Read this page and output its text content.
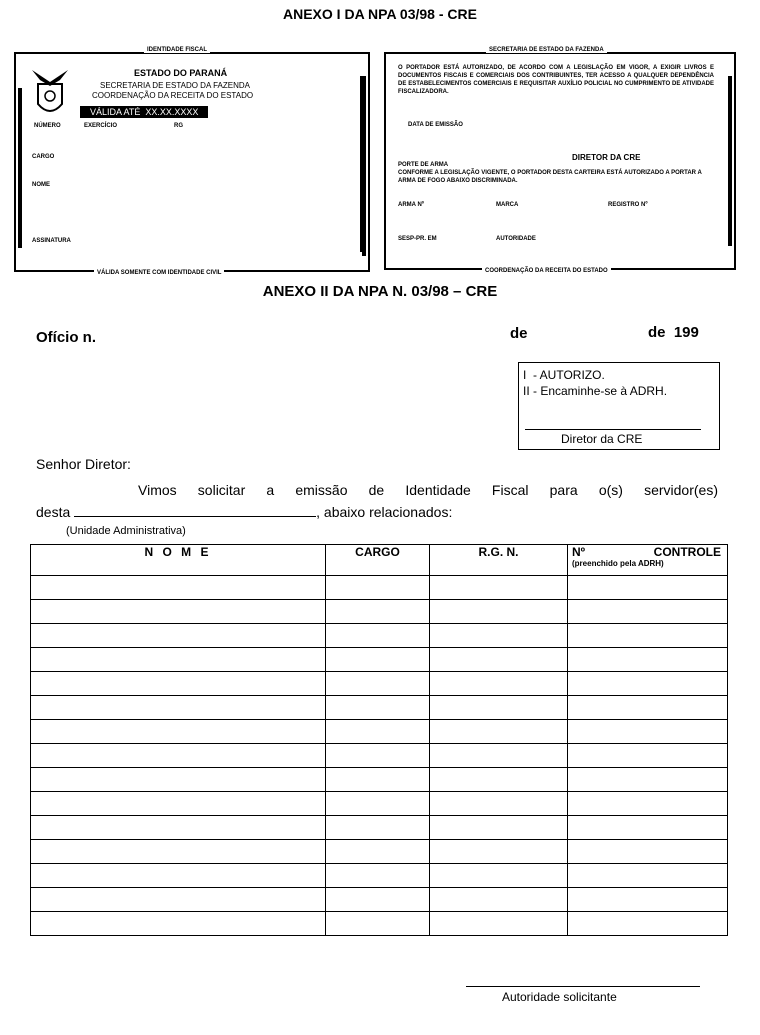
ANEXO I DA NPA 03/98 - CRE
IDENTIDADE FISCAL
ESTADO DO PARANÁ
SECRETARIA DE ESTADO DA FAZENDA
COORDENAÇÃO DA RECEITA DO ESTADO
VÁLIDA ATÉ  XX.XX.XXXX
NÚMERO	EXERCÍCIO	RG
CARGO
NOME
ASSINATURA
VÁLIDA SOMENTE COM IDENTIDADE CIVIL
SECRETARIA DE ESTADO DA FAZENDA
O PORTADOR ESTÁ AUTORIZADO, DE ACORDO COM A LEGISLAÇÃO EM VIGOR, A EXIGIR LIVROS E DOCUMENTOS FISCAIS E COMERCIAIS DOS CONTRIBUINTES, TER ACESSO A QUALQUER DEPENDÊNCIA DE ESTABELECIMENTOS COMERCIAIS E REQUISITAR AUXÍLIO POLICIAL NO CUMPRIMENTO DE ATIVIDADE FISCALIZADORA.
DATA DE EMISSÃO
DIRETOR DA CRE
PORTE DE ARMA
CONFORME A LEGISLAÇÃO VIGENTE, O PORTADOR DESTA CARTEIRA ESTÁ AUTORIZADO A PORTAR A ARMA DE FOGO ABAIXO DISCRIMINADA.
ARMA Nº	MARCA	REGISTRO Nº
SESP-PR. EM	AUTORIDADE
COORDENAÇÃO DA RECEITA DO ESTADO
ANEXO II DA NPA N. 03/98 – CRE
Ofício n.	de	de  199
I  - AUTORIZO.
II - Encaminhe-se à ADRH.
Diretor da CRE
Senhor Diretor:
Vimos solicitar a emissão de Identidade Fiscal para o(s) servidor(es)
desta	, abaixo relacionados:
(Unidade Administrativa)
N O M E	CARGO	R.G. N.	Nº CONTROLE
(preenchido pela ADRH)

Autoridade solicitante
